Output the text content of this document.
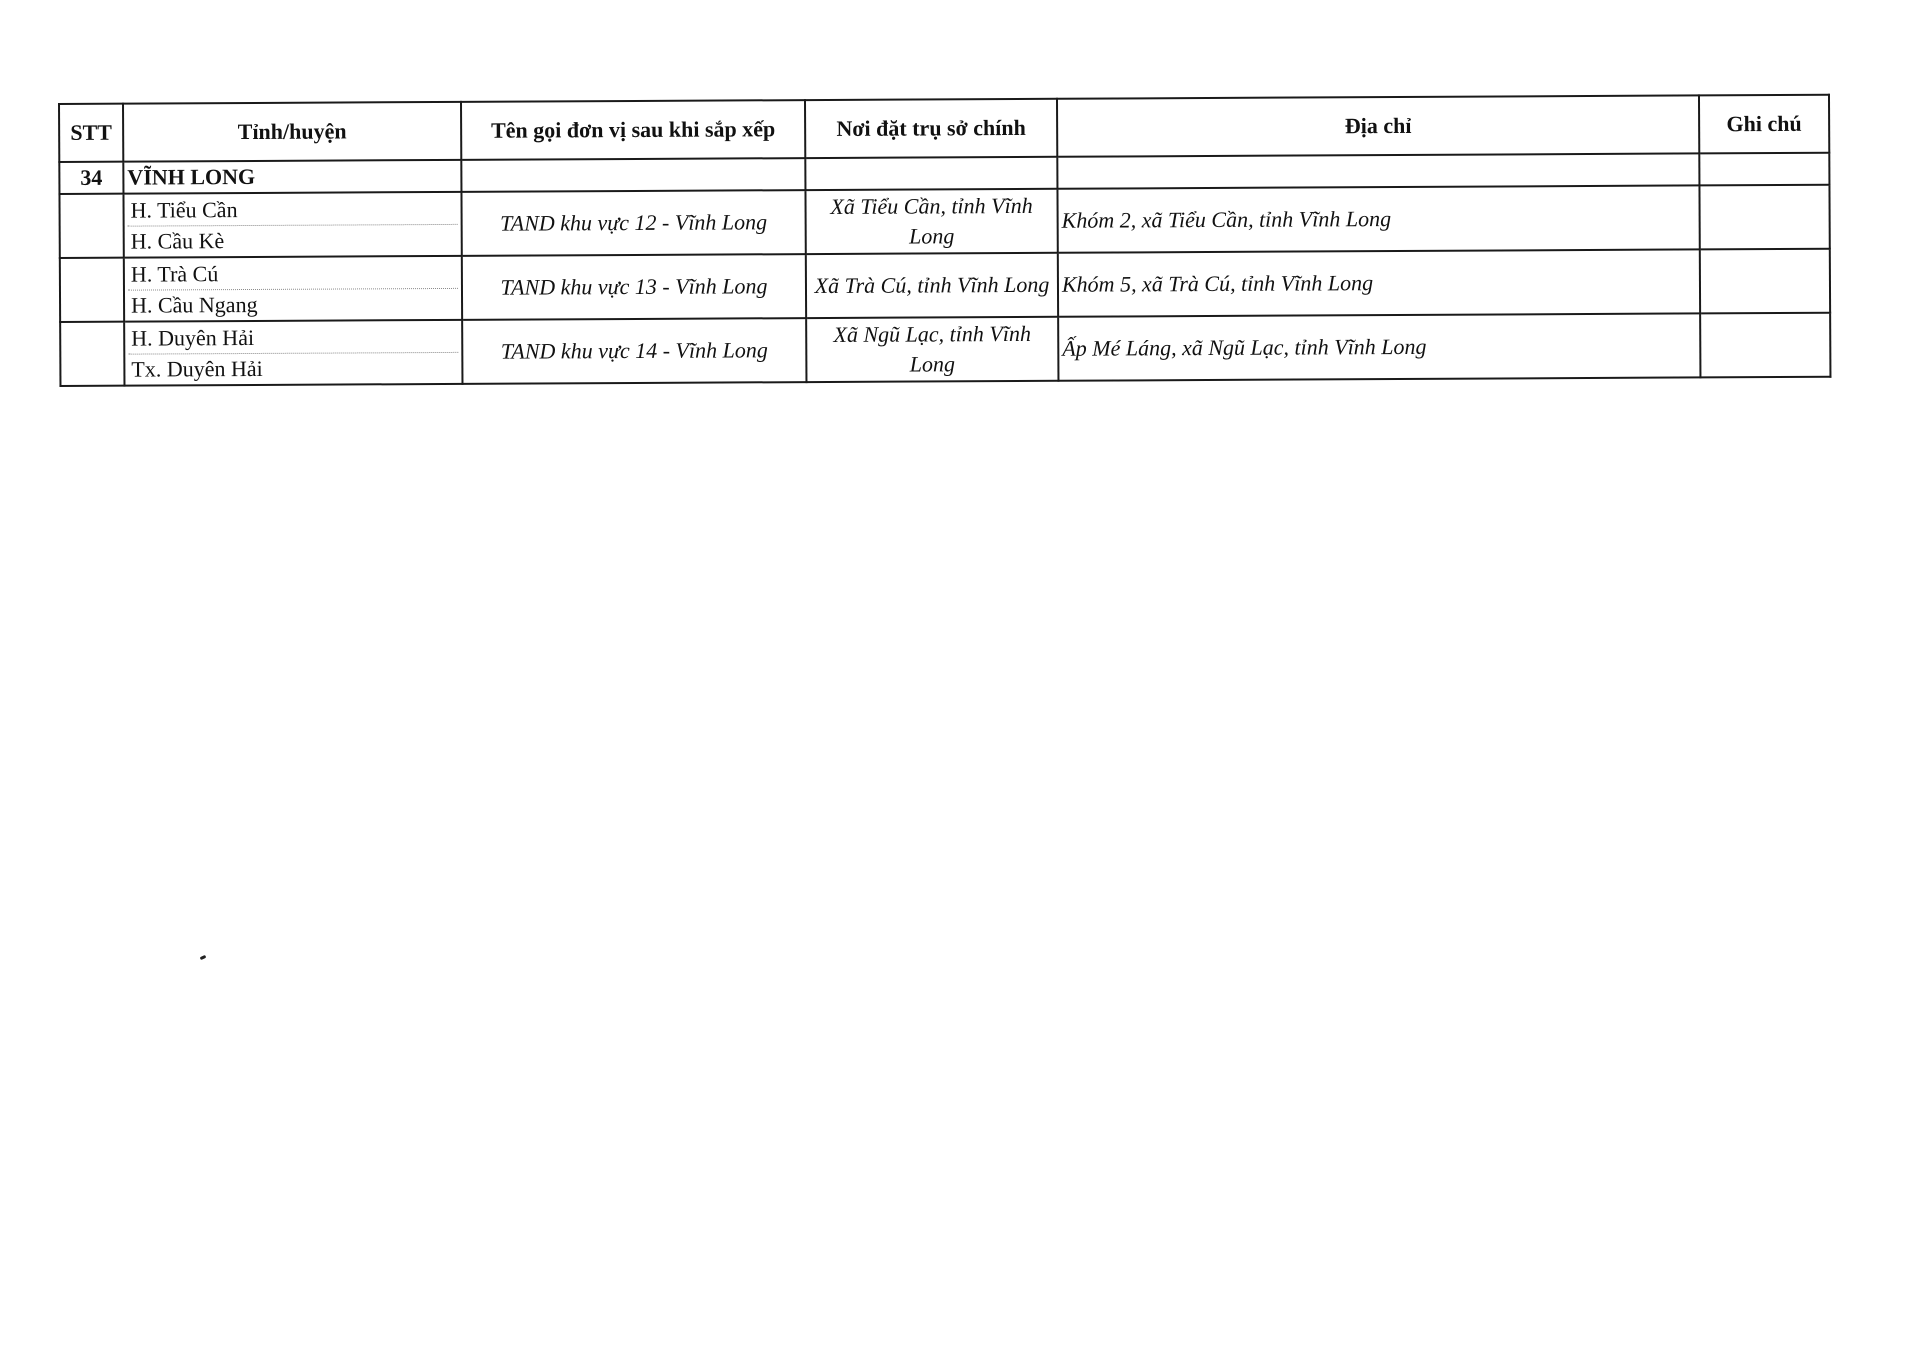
STT	Tỉnh/huyện	Tên gọi đơn vị sau khi sắp xếp	Nơi đặt trụ sở chính	Địa chỉ	Ghi chú
34	VĨNH LONG				

	H. Tiểu Cần
H. Cầu Kè	TAND khu vực 12 - Vĩnh Long	Xã Tiểu Cần, tỉnh Vĩnh Long	Khóm 2, xã Tiểu Cần, tỉnh Vĩnh Long	

	H. Trà Cú
H. Cầu Ngang	TAND khu vực 13 - Vĩnh Long	Xã Trà Cú, tỉnh Vĩnh Long	Khóm 5, xã Trà Cú, tỉnh Vĩnh Long	

	H. Duyên Hải
Tx. Duyên Hải	TAND khu vực 14 - Vĩnh Long	Xã Ngũ Lạc, tỉnh Vĩnh Long	Ấp Mé Láng, xã Ngũ Lạc, tỉnh Vĩnh Long	
